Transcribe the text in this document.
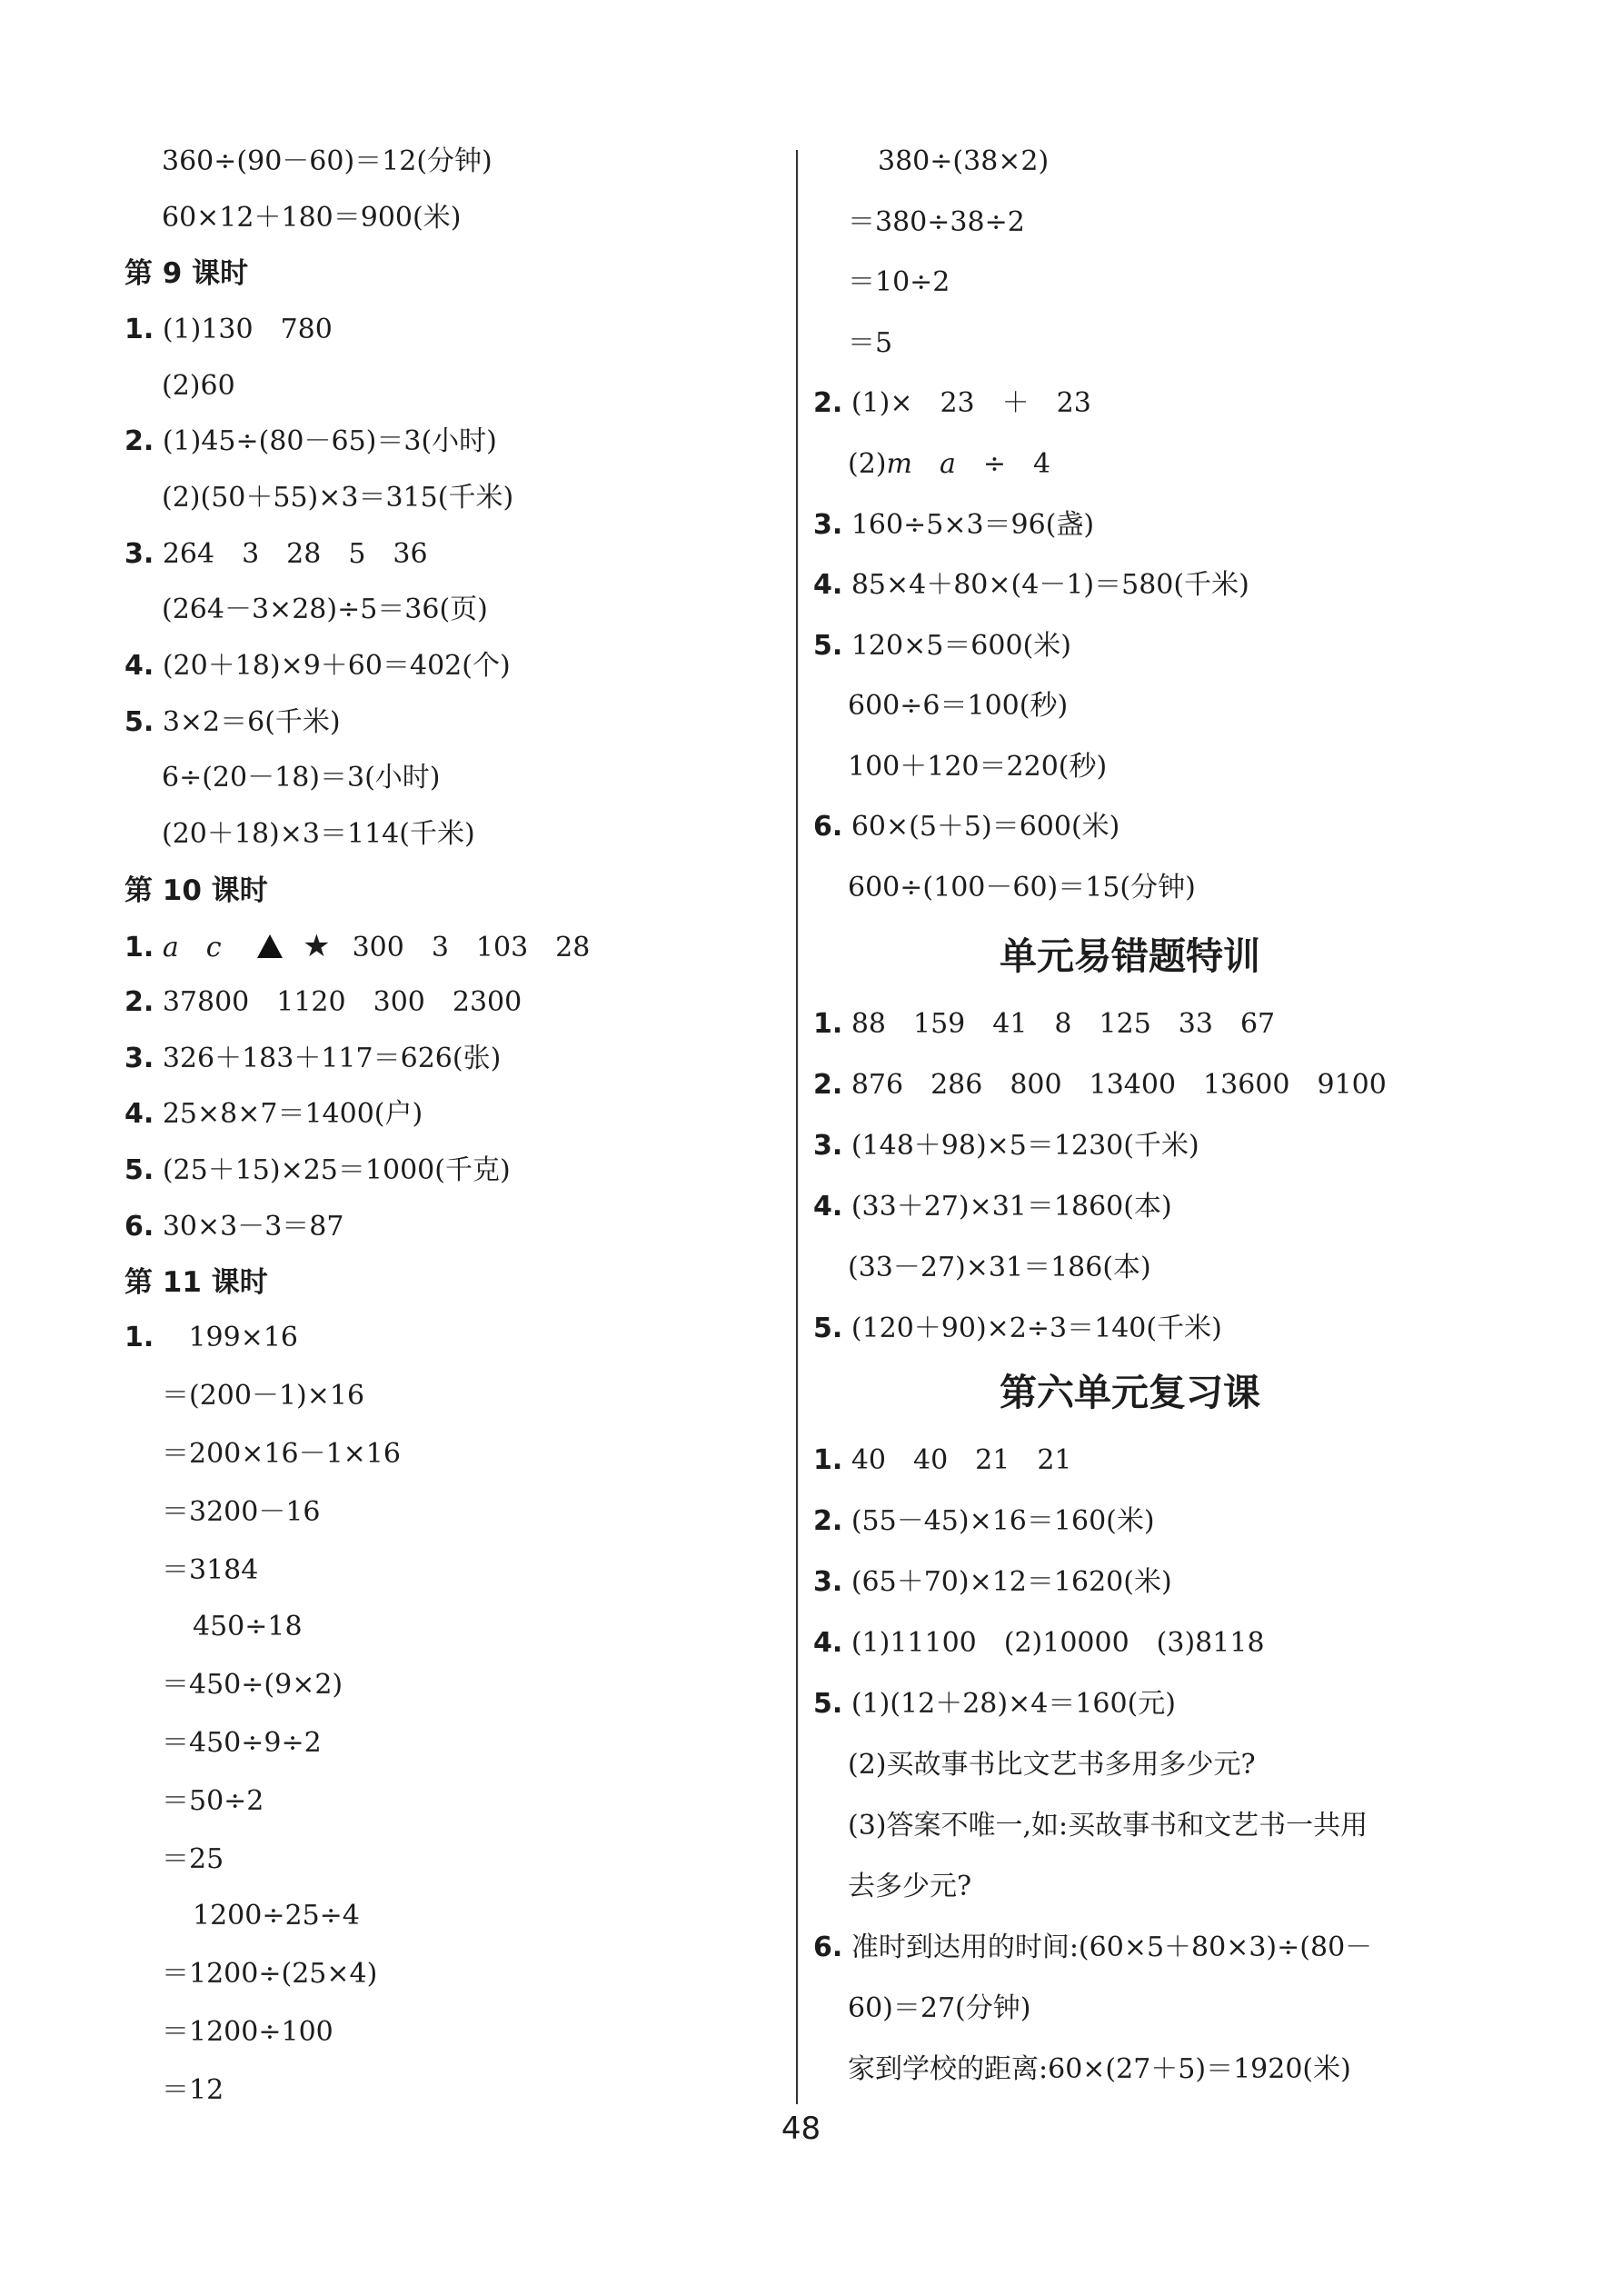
360÷(90－60)＝12(分钟)
60×12＋180＝900(米)
第 9 课时
1. (1)130　780
(2)60
2. (1)45÷(80－65)＝3(小时)
(2)(50＋55)×3＝315(千米)
3. 264　3　28　5　36
(264－3×28)÷5＝36(页)
4. (20＋18)×9＋60＝402(个)
5. 3×2＝6(千米)
6÷(20－18)＝3(小时)
(20＋18)×3＝114(千米)
第 10 课时
1. a　 c　	★ 300　3　103　28
2. 37800　1120　300　2300
3. 326＋183＋117＝626(张)
4. 25×8×7＝1400(户)
5. (25＋15)×25＝1000(千克)
6. 30×3－3＝87
第 11 课时
1. 199×16
＝(200－1)×16
＝200×16－1×16
＝3200－16
＝3184
450÷18
＝450÷(9×2)
＝450÷9÷2
＝50÷2
＝25
1200÷25÷4
＝1200÷(25×4)
＝1200÷100
＝12
380÷(38×2)
＝380÷38÷2
＝10÷2
＝5
2. (1)×　23　＋　23
(2)m　 a　 ÷　4
3. 160÷5×3＝96(盏)
4. 85×4＋80×(4－1)＝580(千米)
5. 120×5＝600(米)
600÷6＝100(秒)
100＋120＝220(秒)
6. 60×(5＋5)＝600(米)
600÷(100－60)＝15(分钟)
单元易错题特训
1. 88　159　41　8　125　33　67
2. 876　286　800　13400　13600　9100
3. (148＋98)×5＝1230(千米)
4. (33＋27)×31＝1860(本)
(33－27)×31＝186(本)
5. (120＋90)×2÷3＝140(千米)
第六单元复习课
1. 40　40　21　21
2. (55－45)×16＝160(米)
3. (65＋70)×12＝1620(米)
4. (1)11100　(2)10000　(3)8118
5. (1)(12＋28)×4＝160(元)
(2)买故事书比文艺书多用多少元?
(3)答案不唯一,如:买故事书和文艺书一共用
去多少元?
6. 准时到达用的时间:(60×5＋80×3)÷(80－
60)＝27(分钟)
家到学校的距离:60×(27＋5)＝1920(米)
48
